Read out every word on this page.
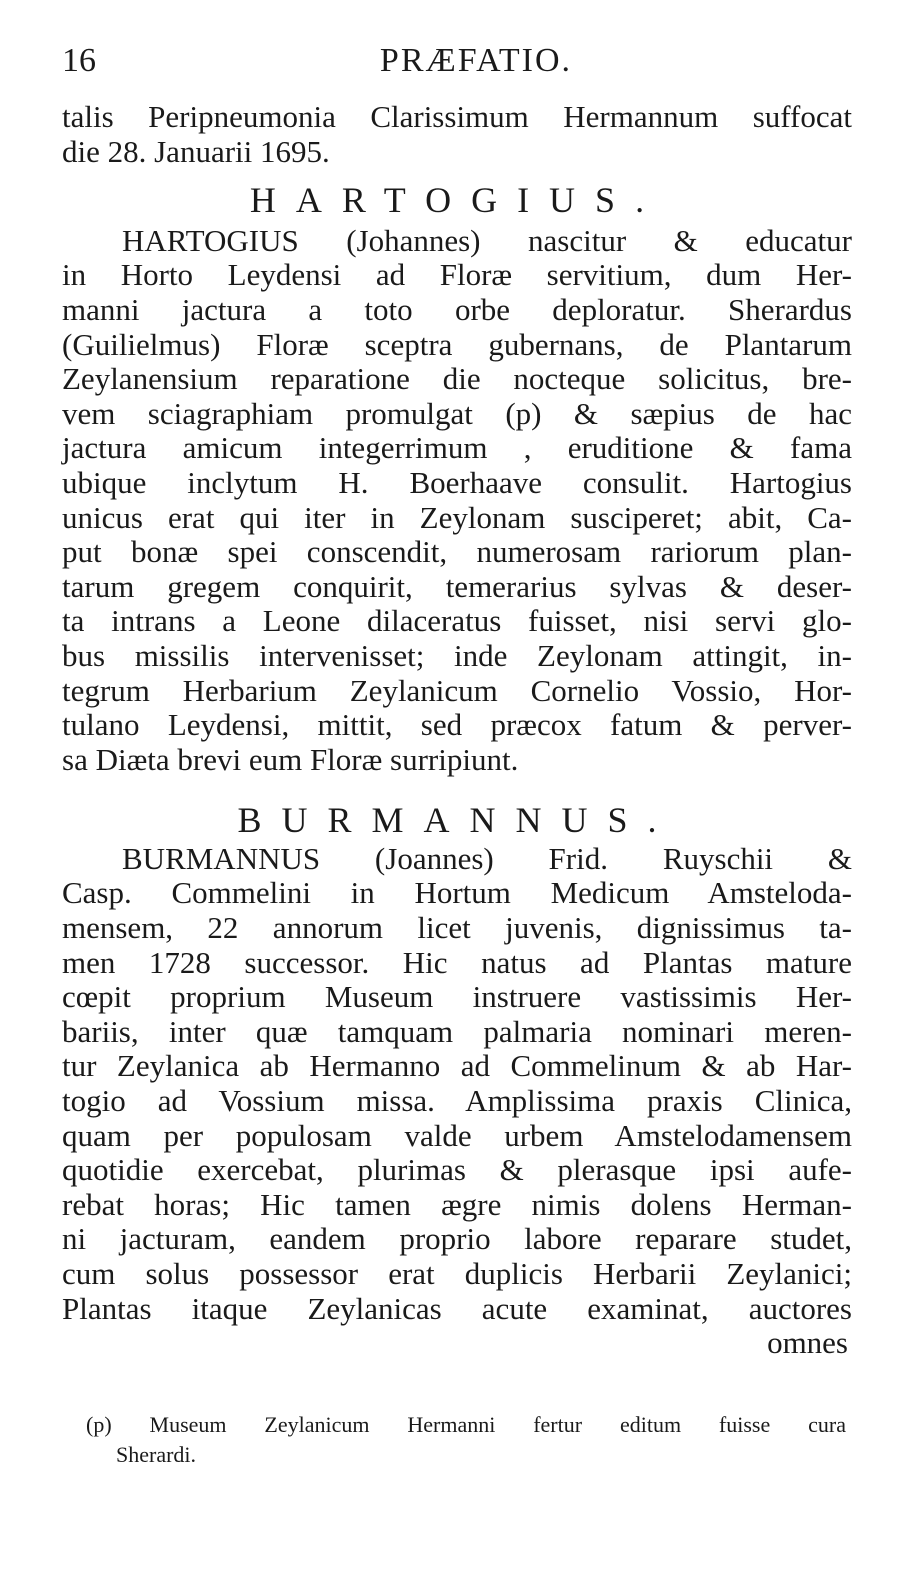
16	PRÆFATIO.
talis Peripneumonia Clarissimum Hermannum suffocat
die 28. Januarii 1695.
HARTOGIUS.
HARTOGIUS (Johannes) nascitur & educatur
in Horto Leydensi ad Floræ servitium, dum Her-
manni jactura a toto orbe deploratur. Sherardus
(Guilielmus) Floræ sceptra gubernans, de Plantarum
Zeylanensium reparatione die nocteque solicitus, bre-
vem sciagraphiam promulgat (p) & sæpius de hac
jactura amicum integerrimum , eruditione & fama
ubique inclytum H. Boerhaave consulit. Hartogius
unicus erat qui iter in Zeylonam susciperet; abit, Ca-
put bonæ spei conscendit, numerosam rariorum plan-
tarum gregem conquirit, temerarius sylvas & deser-
ta intrans a Leone dilaceratus fuisset, nisi servi glo-
bus missilis intervenisset; inde Zeylonam attingit, in-
tegrum Herbarium Zeylanicum Cornelio Vossio, Hor-
tulano Leydensi, mittit, sed præcox fatum & perver-
sa Diæta brevi eum Floræ surripiunt.
BURMANNUS.
BURMANNUS (Joannes) Frid. Ruyschii &
Casp. Commelini in Hortum Medicum Amsteloda-
mensem, 22 annorum licet juvenis, dignissimus ta-
men 1728 successor. Hic natus ad Plantas mature
cœpit proprium Museum instruere vastissimis Her-
bariis, inter quæ tamquam palmaria nominari meren-
tur Zeylanica ab Hermanno ad Commelinum & ab Har-
togio ad Vossium missa. Amplissima praxis Clinica,
quam per populosam valde urbem Amstelodamensem
quotidie exercebat, plurimas & plerasque ipsi aufe-
rebat horas; Hic tamen ægre nimis dolens Herman-
ni jacturam, eandem proprio labore reparare studet,
cum solus possessor erat duplicis Herbarii Zeylanici;
Plantas itaque Zeylanicas acute examinat, auctores
omnes
(p) Museum Zeylanicum Hermanni fertur editum fuisse cura
Sherardi.
